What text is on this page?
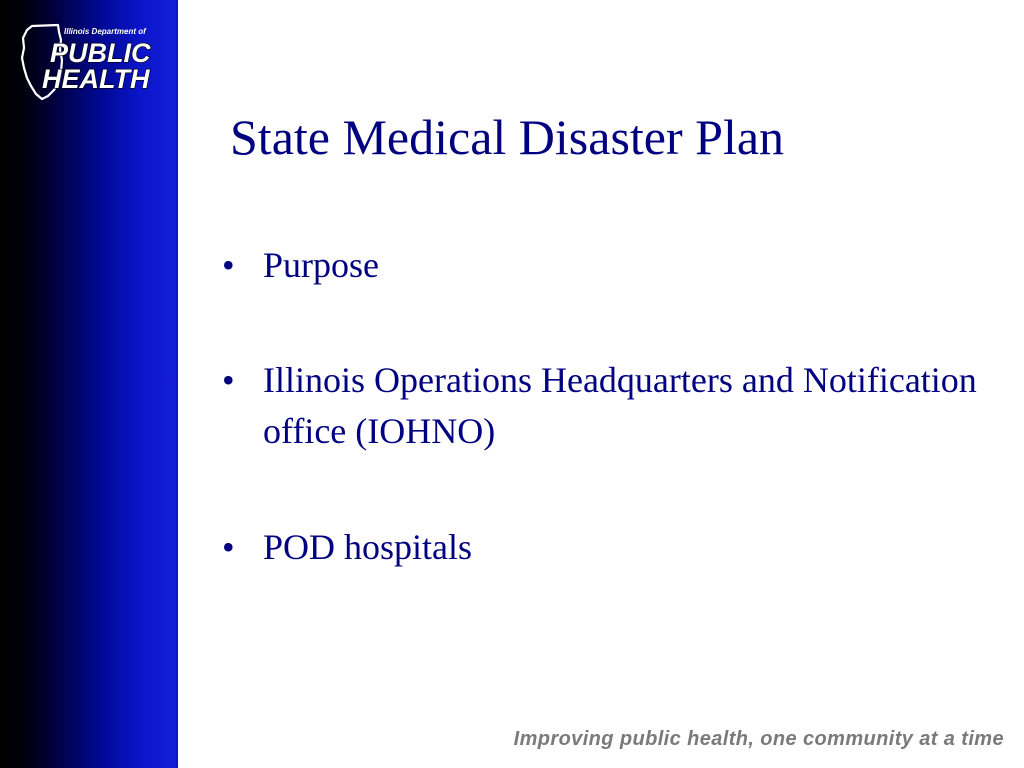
Illinois Department of
PUBLIC
HEALTH
State Medical Disaster Plan
• Purpose
• Illinois Operations Headquarters and Notification office (IOHNO)
• POD hospitals
Improving public health, one community at a time
